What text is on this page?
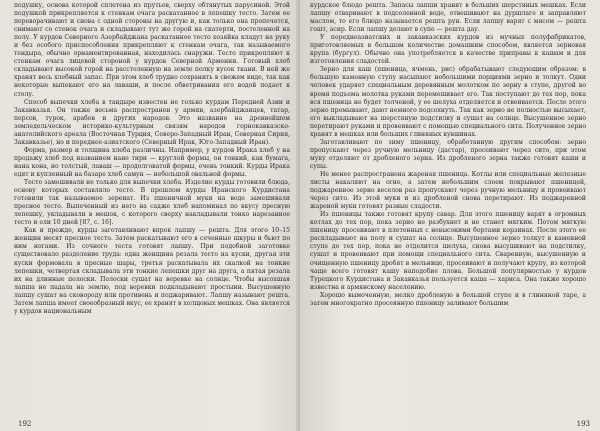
подушку, основа которой сплетена из прутьев, сверху обтянутых парусиной. Этой подушкой прикрепляется к стенкам очага раскатанное в лепешку тесто. Затем ее переворачивают и снова с одной стороны на другую и, как только она пропечется, снимают со стенок очага и складывают тут же горой на скатерти, постеленной на полу. У курдов Северного Азербайджана раскатанное тесто хозяйка кладут на руку и без особого приспособления прикрепляют к стенкам очага, так называемого тендыра, обычно орнаментированная, находилась снаружи. Тесто прикрепляют к стенкам очага лицевой стороной у курдов Северной Армении. Готовый хлеб складывают высокой горой на расстеленную на земле полку кусок ткани. В ней же хранят весь хлебный запас. При этом хлеб трудно сохранить в свежем виде, так как некоторые выпекают его на лаваши, и после обветривания его водой подает к столу.

Способ выпечки хлеба в тандыре известен не только курдам Передней Азии и Закавказья. Он также весьма распространен у армян, азербайджанцев, татар, персов, турок, арабов и других народов. Это название на древнейшем земледельческом историко-культурным связям народов горнокавказско-анатолийского ареала (Восточная Турция, Северо-Западный Иран, Северная Сирия, Закавказье), но и переднее-азиатского (Северный Ирак, Юго-Западный Иран).

Форма, размер и толщина хлеба различны. Например, у курдов Ирака хлеб у на продажу хлеб под названием нане тири — круглой формы, он тонкий, как бумага, нана кона, но толстый, лаваш — продолговатой формы, очень тонкий. Курды Ирака едят и купленный на базаре хлеб самун — небольшой овальной формы.

Тесто замешивали не только для выпечки хлеба. Изделие курды готовили блюда, основу которых составляло тесто. В прошлом курды Иранского Курдистана готовили так называемое зереиат. Из пшеничной муки на воде замешивали пресное тесто. Выпеченный из него на садже хлеб напоминал по вкусу пресную лепешку, укладывали в мешок, с которого сверху накладывали тонко нарезанное тесто и ели 10 дней [87, с. 16].

Как и прежде, курды заготавливают впрок лапшу — решта. Для этого 10–15 женщин месят пресное тесто. Затем раскатывают его в сеченные шкуры и бьют по ним ногами. Из сочного теста готовят лапшу. При подобной заготовке существовало разделение труда: одна женщина резала тесто на куски, другая эти куски формовала в пресные шары, третья раскатывала их скалкой на тонкие лепешки, четвертая складывала эти тонкие лепешки друг на друга, а пятая резала их на длинные полоски. Полоски сушат на веревке на солнце. Чтобы высохшая лапша не падала на землю, под веревки подкладывают простыни. Высушенную лапшу сушат на сковороду или противень и поджаривают. Лапшу называют решта. Затем лапша имеет своеобразный вкус, ее хранят в холщовых мешках. Она является у курдов национальным

192

курдское блюдо решта. Запасы лапши хранят в больших шерстяных мешках. Если лапшу отваривают в подсоленной воде, отвешивают на дуршлаге и заправляют маслом, то его блюдо называется решта рун. Если лапшу варят с мясом — решта гошт, асир. Если лапшу делают в супе — решта дау.

У переднеазиатских и закавказских курдов из мучных полуфабрикатов, приготовляемых в большом количестве домашним способом, является зерновая крупа (бургул). Обычно она употребляется в качестве приправы к кашам и для изготовления сладостей.

Зерно для каш (пшеница, ячмень, рис) обрабатывают следующим образом: в большую каменную ступу насыпают небольшими порциями зерно и толкут. Одни человек ударяет специальным деревянным молотком по зерну в ступе, другой во время подъема молотка руками перемешивает его. Так поступают до тех пор, пока вся пшеница не будет толченой, у ее шелуха отделяется и отвеивается. После этого зерно промывают, дают немного подсохнуть. Так как зерно не полностью высыхает, его выкладывают на шерстяную подстилку и сушат на солнце. Высушенное зерно перетирают руками и провеивают с помощью специального сита. Полученное зерно хранят в мешках или больших глиняных кувшинах.

Заготавливают по зиму пшеницу, обработанную другим способом: зерно пропускают через ручную мельницу (дастар), просеивают через сито, при этом муку отделяют от дробленого зерна. Из дробленого зерна также готовят каши и супы.

Не менее распространена жареная пшеница. Котлы или специальные железные листы накаляют на огне, а затем небольшим слоем покрывают пшеницей, поджаренное зерно веселов раз пропускают через ручную мельницу и провеивают через сито. Из этой муки и из дробленой снова перетирают. Из поджаренной жареной муки готовят разные сладости.

Из пшеницы также готовят крупу савар. Для этого пшеницу варят в огромных котлах до тех пор, пока зерно не разбухнет и не станет мягким. Потом мягкую пшеницу просеивают в плетенных с невысокими бортами корзинах. После этого ее раскладывают на полу и сушат на солнце. Высушенное зерно толкут в каменной ступе до тех пор, пока не отделится шелуха, снова высушивают на подстилку, сушат и провеивают при помощи специального сита. Сваренную, высушенную и очищенную пшеницу дробят в мельнице, просеивают и получают крупу, из которой чаще всего готовят кашу наподобие плова. Большой популярностью у курдов Турецкого Курдистана и Закавказья пользуется каша — хариса. Она также хорошо известна и армянскому населению.

Хорошо вымоченную, мелко дробленую в большой ступе и в глиняной таре, а затем многократно просеянную пшеницу заливают большим

193
